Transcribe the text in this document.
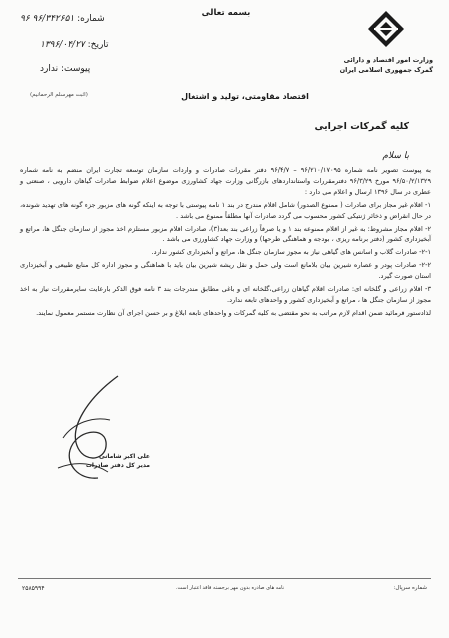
بسمه تعالی
وزارت امور اقتصاد و دارائی
گمرک جمهوری اسلامی ایران
شماره: ۹۶/۳۴۲۶۵۱ ۹۶
تاریخ: ۱۳۹۶/۰۴/۲۷
پیوست: ندارد
(اثبت مهرسلم الرحمانیم)	اقتصاد مقاومتی، تولید و اشتغال
کلیه گمرکات اجرایی
با سلام

به پیوست تصویر نامه شماره ۹۶/۲۱۰/۱۷۰۹۵ – ۹۶/۴/۷ دفتر مقررات صادرات و واردات سازمان توسعه تجارت ایران منضم به نامه شماره ۹۶/۵۰/۲/۱۳۲۹ مورخ ۹۶/۳/۲۹ دفترمقررات واستانداردهای بازرگانی وزارت جهاد کشاورزی موضوع اعلام ضوابط صادرات گیاهان دارویی ، صنعتی و عطری در سال ۱۳۹۶ ارسال و اعلام می دارد :

۱- اقلام غیر مجاز برای صادرات ( ممنوع الصدور) شامل اقلام مندرج در بند ۱ نامه پیوستی با توجه به اینکه گونه های مزبور جزء گونه های تهدید شونده، در حال انقراض و ذخائر ژنتیکی کشور محسوب می گردد صادرات آنها مطلقاً ممنوع می باشد .

۲- اقلام مجاز مشروط: به غیر از اقلام ممنوعه بند ۱ و یا صرفاً زراعی بند بعد(۳)، صادرات اقلام مزبور مستلزم اخذ مجوز از سازمان جنگل ها، مراتع و آبخیزداری کشور (دفتر برنامه ریزی ، بودجه و هماهنگی طرحها) و وزارت جهاد کشاورزی می باشد .

۲-۱- صادرات گلاب و اسانس های گیاهی نیاز به مجوز سازمان جنگل ها، مراتع و آبخیزداری کشور ندارد.

۲-۲- صادرات پودر و عصاره شیرین بیان بلامانع است ولی حمل و نقل ریشه شیرین بیان باید با هماهنگی و مجوز اداره کل منابع طبیعی و آبخیزداری استان صورت گیرد.

۳- اقلام زراعی و گلخانه ای: صادرات اقلام گیاهان زراعی،گلخانه ای و باغی مطابق مندرجات بند ۳ نامه فوق الذکر بارعایت سایرمقررات نیاز به اخذ مجوز از سازمان جنگل ها ، مراتع و آبخیزداری کشور و واحدهای تابعه ندارد.

لذادستور فرمائید ضمن اقدام لازم مراتب به نحو مقتضی به کلیه گمرکات و واحدهای تابعه ابلاغ و بر حسن اجرای آن نظارت مستمر معمول نمایند.

علی اکبر شامانی
مدیر کل دفتر صادرات
شماره سرپال:
نامه های صادره بدون مهر برجسته فاقد اعتبار است.
۲۵۸۵۹۹۴
